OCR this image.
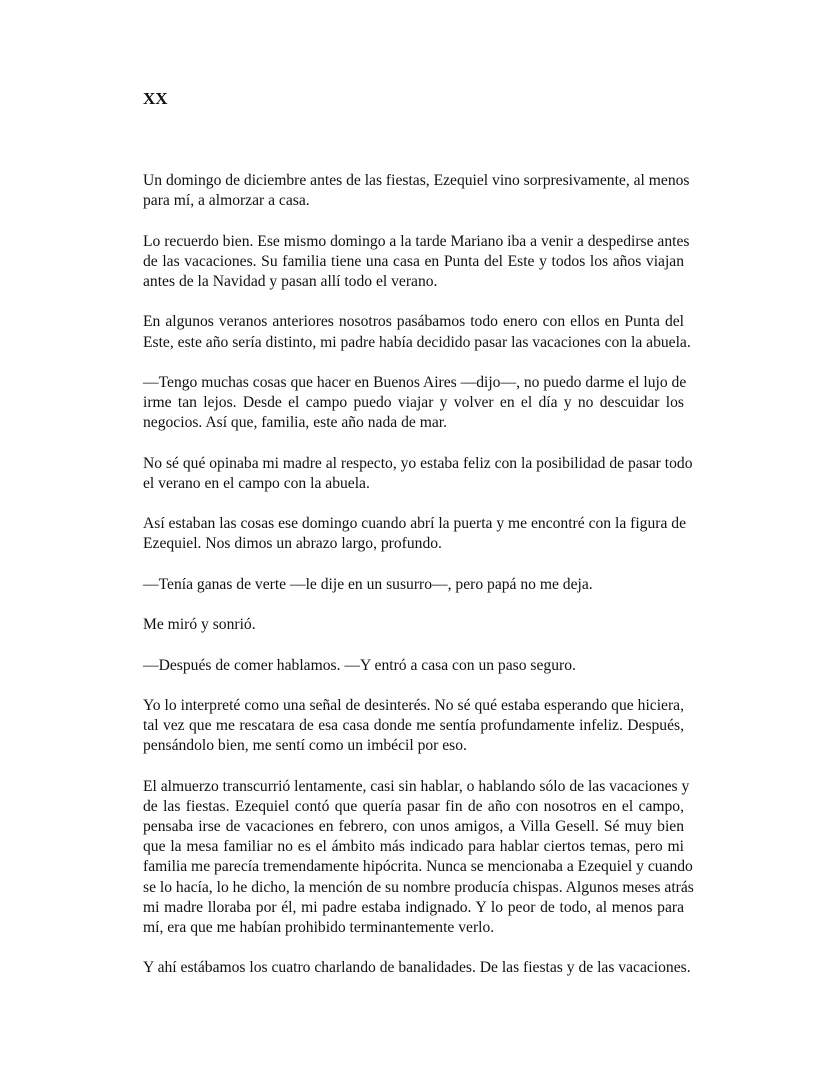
XX
Un domingo de diciembre antes de las fiestas, Ezequiel vino sorpresivamente, al menos
para mí, a almorzar a casa.
Lo recuerdo bien. Ese mismo domingo a la tarde Mariano iba a venir a despedirse antes
de las vacaciones. Su familia tiene una casa en Punta del Este y todos los años viajan
antes de la Navidad y pasan allí todo el verano.
En algunos veranos anteriores nosotros pasábamos todo enero con ellos en Punta del
Este, este año sería distinto, mi padre había decidido pasar las vacaciones con la abuela.
—Tengo muchas cosas que hacer en Buenos Aires —dijo—, no puedo darme el lujo de
irme tan lejos. Desde el campo puedo viajar y volver en el día y no descuidar los
negocios. Así que, familia, este año nada de mar.
No sé qué opinaba mi madre al respecto, yo estaba feliz con la posibilidad de pasar todo
el verano en el campo con la abuela.
Así estaban las cosas ese domingo cuando abrí la puerta y me encontré con la figura de
Ezequiel. Nos dimos un abrazo largo, profundo.
—Tenía ganas de verte —le dije en un susurro—, pero papá no me deja.
Me miró y sonrió.
—Después de comer hablamos. —Y entró a casa con un paso seguro.
Yo lo interpreté como una señal de desinterés. No sé qué estaba esperando que hiciera,
tal vez que me rescatara de esa casa donde me sentía profundamente infeliz. Después,
pensándolo bien, me sentí como un imbécil por eso.
El almuerzo transcurrió lentamente, casi sin hablar, o hablando sólo de las vacaciones y
de las fiestas. Ezequiel contó que quería pasar fin de año con nosotros en el campo,
pensaba irse de vacaciones en febrero, con unos amigos, a Villa Gesell. Sé muy bien
que la mesa familiar no es el ámbito más indicado para hablar ciertos temas, pero mi
familia me parecía tremendamente hipócrita. Nunca se mencionaba a Ezequiel y cuando
se lo hacía, lo he dicho, la mención de su nombre producía chispas. Algunos meses atrás
mi madre lloraba por él, mi padre estaba indignado. Y lo peor de todo, al menos para
mí, era que me habían prohibido terminantemente verlo.
Y ahí estábamos los cuatro charlando de banalidades. De las fiestas y de las vacaciones.
